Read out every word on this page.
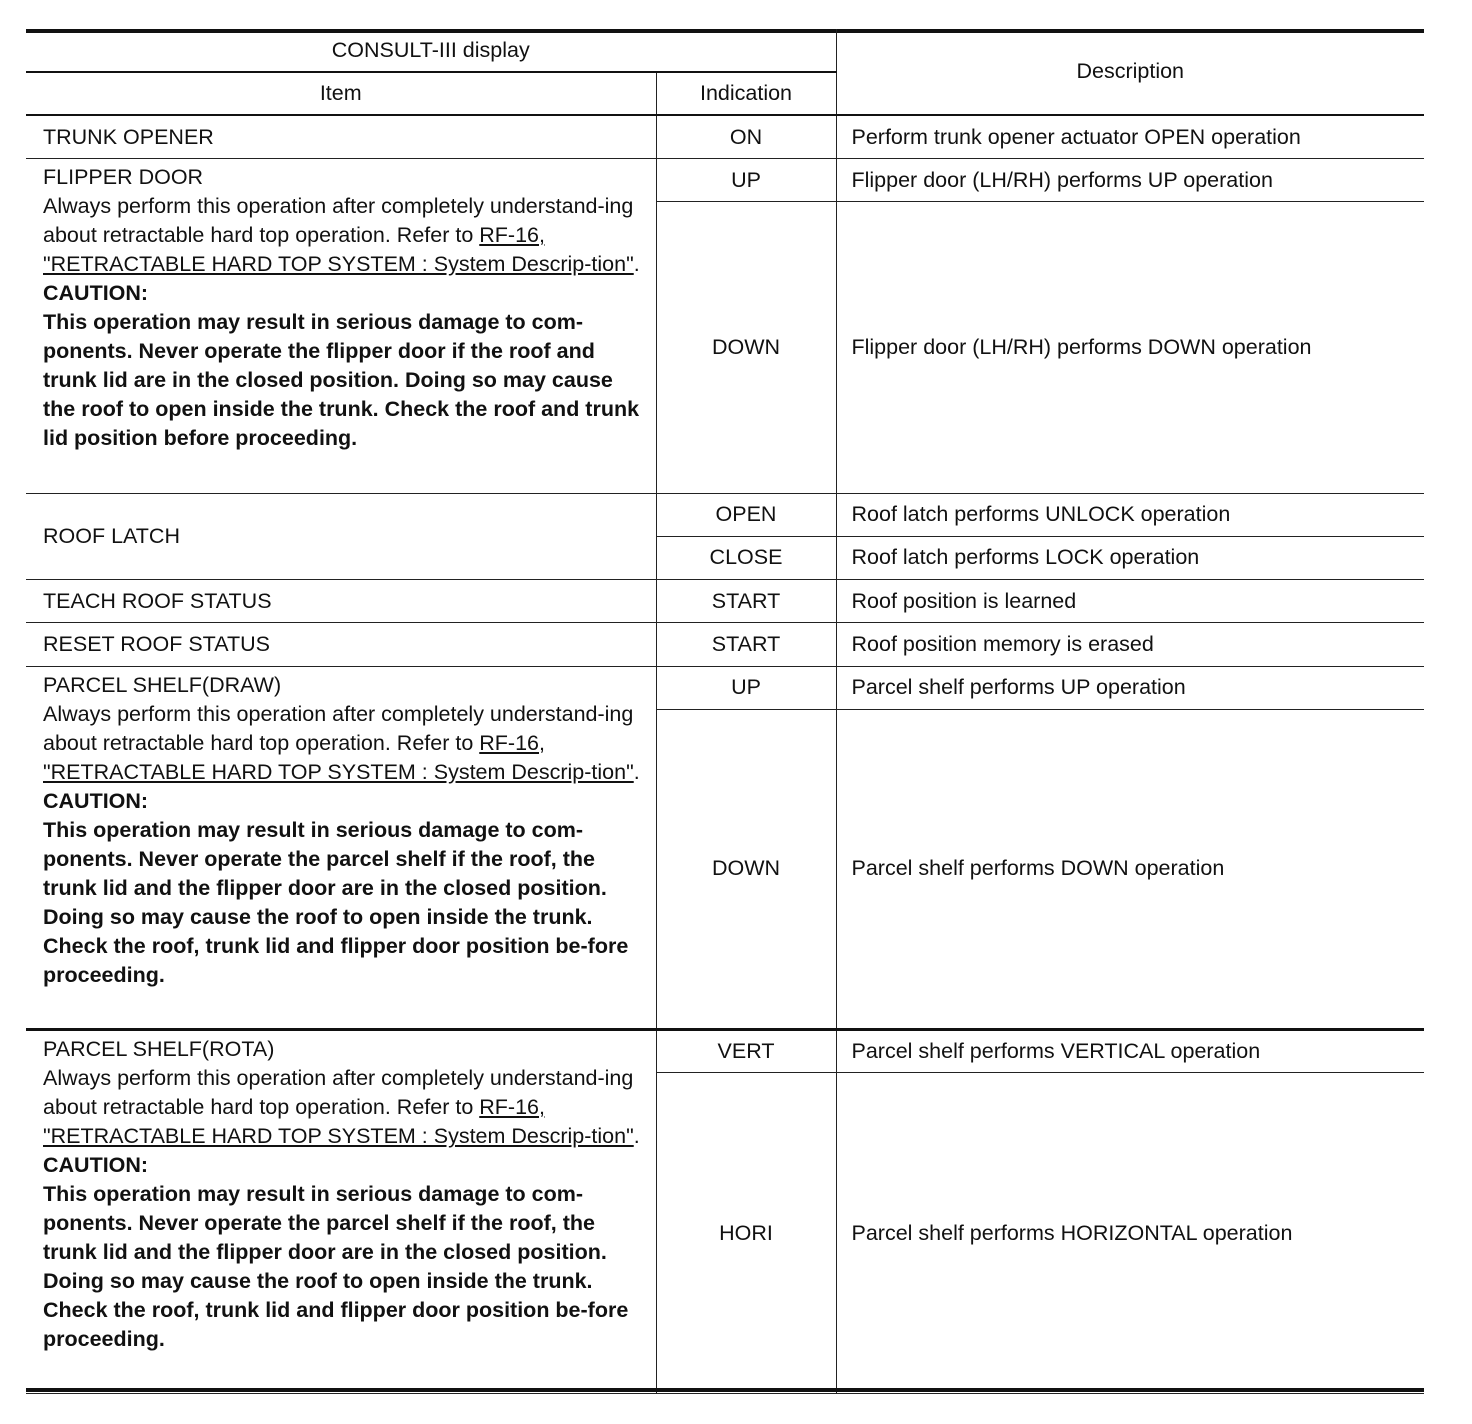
CONSULT-III display		Description
Item	Indication	
TRUNK OPENER	ON	Perform trunk opener actuator OPEN operation

FLIPPER DOOR
Always perform this operation after completely understand-ing about retractable hard top operation. Refer to RF-16, "RETRACTABLE HARD TOP SYSTEM : System Descrip-tion".
CAUTION:
This operation may result in serious damage to com-ponents. Never operate the flipper door if the roof and trunk lid are in the closed position. Doing so may cause the roof to open inside the trunk. Check the roof and trunk lid position before proceeding.	UP	Flipper door (LH/RH) performs UP operation
	DOWN	Flipper door (LH/RH) performs DOWN operation
ROOF LATCH	OPEN	Roof latch performs UNLOCK operation
	CLOSE	Roof latch performs LOCK operation
TEACH ROOF STATUS	START	Roof position is learned
RESET ROOF STATUS	START	Roof position memory is erased

PARCEL SHELF(DRAW)
Always perform this operation after completely understand-ing about retractable hard top operation. Refer to RF-16, "RETRACTABLE HARD TOP SYSTEM : System Descrip-tion".
CAUTION:
This operation may result in serious damage to com-ponents. Never operate the parcel shelf if the roof, the trunk lid and the flipper door are in the closed position. Doing so may cause the roof to open inside the trunk. Check the roof, trunk lid and flipper door position be-fore proceeding.	UP	Parcel shelf performs UP operation
	DOWN	Parcel shelf performs DOWN operation

PARCEL SHELF(ROTA)
Always perform this operation after completely understand-ing about retractable hard top operation. Refer to RF-16, "RETRACTABLE HARD TOP SYSTEM : System Descrip-tion".
CAUTION:
This operation may result in serious damage to com-ponents. Never operate the parcel shelf if the roof, the trunk lid and the flipper door are in the closed position. Doing so may cause the roof to open inside the trunk. Check the roof, trunk lid and flipper door position be-fore proceeding.	VERT	Parcel shelf performs VERTICAL operation
	HORI	Parcel shelf performs HORIZONTAL operation
